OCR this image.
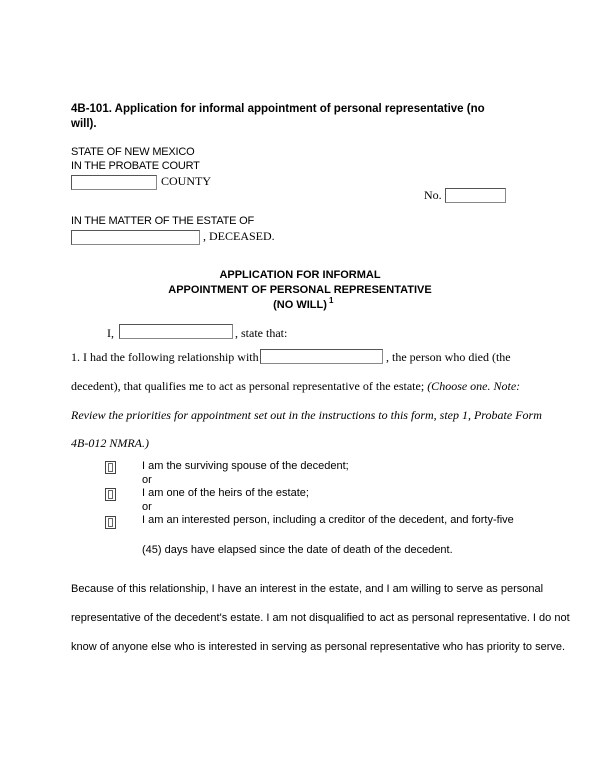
4B-101. Application for informal appointment of personal representative (no
will).
STATE OF NEW MEXICO
IN THE PROBATE COURT
COUNTY
No.
IN THE MATTER OF THE ESTATE OF
, DECEASED.
APPLICATION FOR INFORMAL
APPOINTMENT OF PERSONAL REPRESENTATIVE
(NO WILL) 1
I,	, state that:
1. I had the following relationship with	, the person who died (the
decedent), that qualifies me to act as personal representative of the estate; (Choose one. Note:
Review the priorities for appointment set out in the instructions to this form, step 1, Probate Form
4B-012 NMRA.)
I am the surviving spouse of the decedent;
or
I am one of the heirs of the estate;
or
I am an interested person, including a creditor of the decedent, and forty-five
(45) days have elapsed since the date of death of the decedent.
Because of this relationship, I have an interest in the estate, and I am willing to serve as personal
representative of the decedent's estate. I am not disqualified to act as personal representative. I do not
know of anyone else who is interested in serving as personal representative who has priority to serve.
